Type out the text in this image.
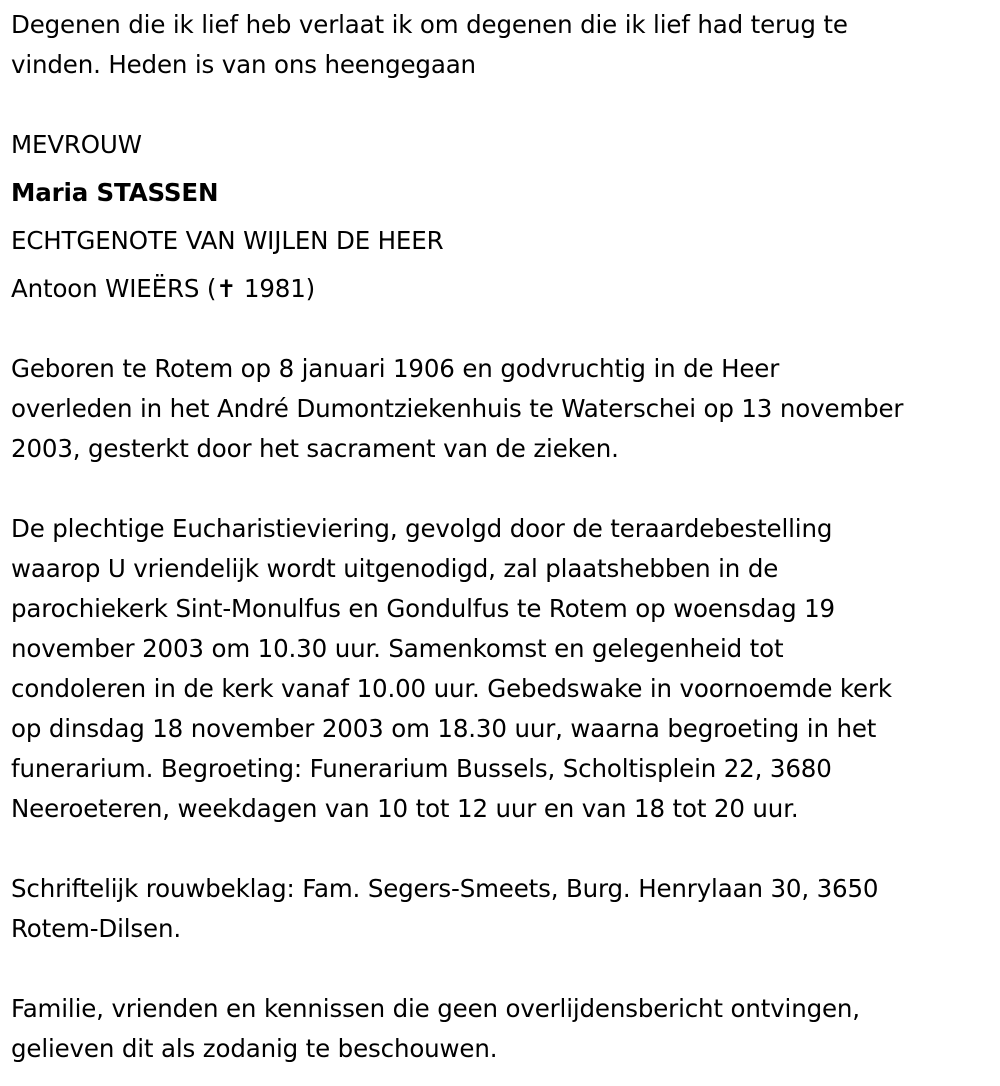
Degenen die ik lief heb verlaat ik om degenen die ik lief had terug te
vinden. Heden is van ons heengegaan
MEVROUW
Maria STASSEN
ECHTGENOTE VAN WIJLEN DE HEER
Antoon WIEËRS (✝ 1981)
Geboren te Rotem op 8 januari 1906 en godvruchtig in de Heer
overleden in het André Dumontziekenhuis te Waterschei op 13 november
2003, gesterkt door het sacrament van de zieken.
De plechtige Eucharistieviering, gevolgd door de teraardebestelling
waarop U vriendelijk wordt uitgenodigd, zal plaatshebben in de
parochiekerk Sint-Monulfus en Gondulfus te Rotem op woensdag 19
november 2003 om 10.30 uur. Samenkomst en gelegenheid tot
condoleren in de kerk vanaf 10.00 uur. Gebedswake in voornoemde kerk
op dinsdag 18 november 2003 om 18.30 uur, waarna begroeting in het
funerarium. Begroeting: Funerarium Bussels, Scholtisplein 22, 3680
Neeroeteren, weekdagen van 10 tot 12 uur en van 18 tot 20 uur.
Schriftelijk rouwbeklag: Fam. Segers-Smeets, Burg. Henrylaan 30, 3650
Rotem-Dilsen.
Familie, vrienden en kennissen die geen overlijdensbericht ontvingen,
gelieven dit als zodanig te beschouwen.
